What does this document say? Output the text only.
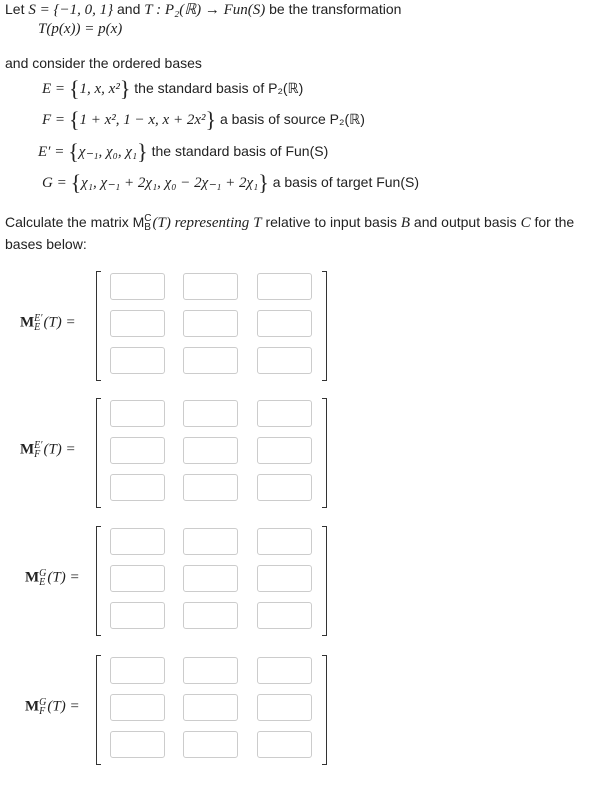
Let S = {−1, 0, 1} and T : P₂(ℝ) → Fun(S) be the transformation
T(p(x)) = p(x)
and consider the ordered bases
E = {1, x, x²} the standard basis of P₂(ℝ)
F = {1 + x², 1 − x, x + 2x²} a basis of source P₂(ℝ)
E′ = {χ₋₁, χ₀, χ₁} the standard basis of Fun(S)
G = {χ₁, χ₋₁ + 2χ₁, χ₀ − 2χ₋₁ + 2χ₁} a basis of target Fun(S)
Calculate the matrix MC
B (T) representing T relative to input basis B and output basis C for the
bases below:
ME′
E (T) =
ME′
F (T) =
MG
E (T) =
MG
F (T) =
